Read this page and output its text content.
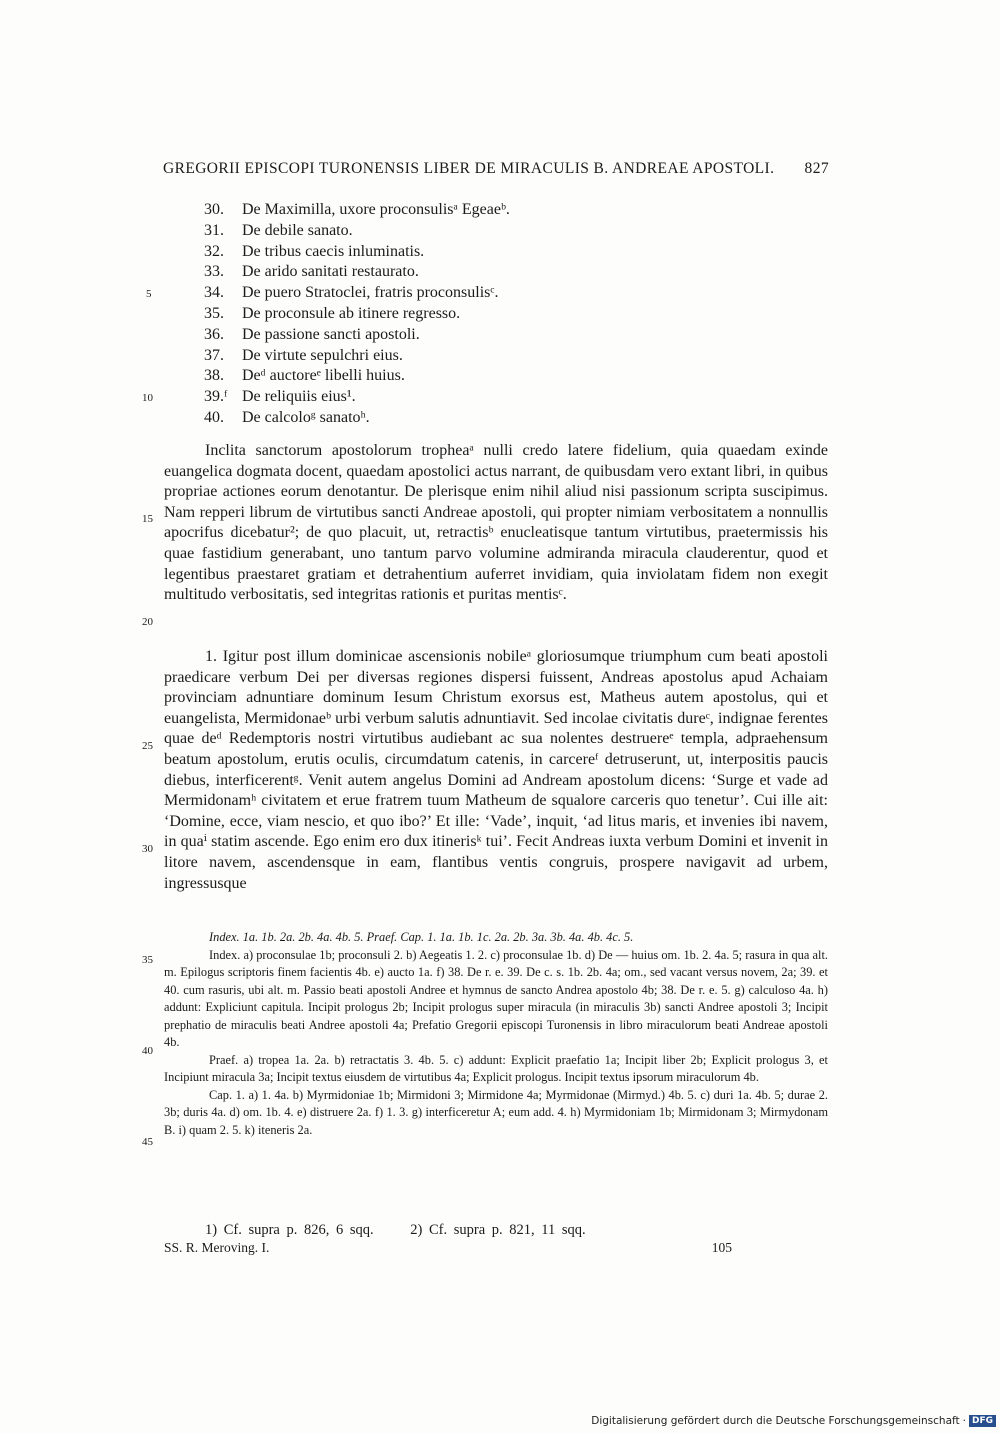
GREGORII EPISCOPI TURONENSIS LIBER DE MIRACULIS B. ANDREAE APOSTOLI. 827
30. De Maximilla, uxore proconsulisᵃ Egeaeᵇ.
31. De debile sanato.
32. De tribus caecis inluminatis.
33. De arido sanitati restaurato.
34. De puero Stratoclei, fratris proconsulisᶜ.
35. De proconsule ab itinere regresso.
36. De passione sancti apostoli.
37. De virtute sepulchri eius.
38. Deᵈ auctoreᵉ libelli huius.
39.ᶠ De reliquiis eius¹.
40. De calcoloᵍ sanatoʰ.
5
10
15
20
25
30
35
40
45

Inclita sanctorum apostolorum tropheaᵃ nulli credo latere fidelium, quia quaedam exinde euangelica dogmata docent, quaedam apostolici actus narrant, de quibusdam vero extant libri, in quibus propriae actiones eorum denotantur. De plerisque enim nihil aliud nisi passionum scripta suscipimus. Nam repperi librum de virtutibus sancti Andreae apostoli, qui propter nimiam verbositatem a nonnullis apocrifus dicebatur²; de quo placuit, ut, retractisᵇ enucleatisque tantum virtutibus, praetermissis his quae fastidium generabant, uno tantum parvo volumine admiranda miracula clauderentur, quod et legentibus praestaret gratiam et detrahentium auferret invidiam, quia inviolatam fidem non exegit multitudo verbositatis, sed integritas rationis et puritas mentisᶜ.

1. Igitur post illum dominicae ascensionis nobileᵃ gloriosumque triumphum cum beati apostoli praedicare verbum Dei per diversas regiones dispersi fuissent, Andreas apostolus apud Achaiam provinciam adnuntiare dominum Iesum Christum exorsus est, Matheus autem apostolus, qui et euangelista, Mermidonaeᵇ urbi verbum salutis adnuntiavit. Sed incolae civitatis dureᶜ, indignae ferentes quae deᵈ Redemptoris nostri virtutibus audiebant ac sua nolentes destruereᵉ templa, adpraehensum beatum apostolum, erutis oculis, circumdatum catenis, in carcereᶠ detruserunt, ut, interpositis paucis diebus, interficerentᵍ. Venit autem angelus Domini ad Andream apostolum dicens: ‘Surge et vade ad Mermidonamʰ civitatem et erue fratrem tuum Matheum de squalore carceris quo tenetur’. Cui ille ait: ‘Domine, ecce, viam nescio, et quo ibo?’ Et ille: ‘Vade’, inquit, ‘ad litus maris, et invenies ibi navem, in quaⁱ statim ascende. Ego enim ero dux itinerisᵏ tui’. Fecit Andreas iuxta verbum Domini et invenit in litore navem, ascendensque in eam, flantibus ventis congruis, prospere navigavit ad urbem, ingressusque

Index. 1a. 1b. 2a. 2b. 4a. 4b. 5. Praef. Cap. 1. 1a. 1b. 1c. 2a. 2b. 3a. 3b. 4a. 4b. 4c. 5.

Index. a) proconsulae 1b; proconsuli 2. b) Aegeatis 1. 2. c) proconsulae 1b. d) De — huius om. 1b. 2. 4a. 5; rasura in qua alt. m. Epilogus scriptoris finem facientis 4b. e) aucto 1a. f) 38. De r. e. 39. De c. s. 1b. 2b. 4a; om., sed vacant versus novem, 2a; 39. et 40. cum rasuris, ubi alt. m. Passio beati apostoli Andree et hymnus de sancto Andrea apostolo 4b; 38. De r. e. 5. g) calculoso 4a. h) addunt: Expliciunt capitula. Incipit prologus 2b; Incipit prologus super miracula (in miraculis 3b) sancti Andree apostoli 3; Incipit prephatio de miraculis beati Andree apostoli 4a; Prefatio Gregorii episcopi Turonensis in libro miraculorum beati Andreae apostoli 4b.

Praef. a) tropea 1a. 2a. b) retractatis 3. 4b. 5. c) addunt: Explicit praefatio 1a; Incipit liber 2b; Explicit prologus 3, et Incipiunt miracula 3a; Incipit textus eiusdem de virtutibus 4a; Explicit prologus. Incipit textus ipsorum miraculorum 4b.

Cap. 1. a) 1. 4a. b) Myrmidoniae 1b; Mirmidoni 3; Mirmidone 4a; Myrmidonae (Mirmyd.) 4b. 5. c) duri 1a. 4b. 5; durae 2. 3b; duris 4a. d) om. 1b. 4. e) distruere 2a. f) 1. 3. g) interficeretur A; eum add. 4. h) Myrmidoniam 1b; Mirmidonam 3; Mirmydonam B. i) quam 2. 5. k) iteneris 2a.

1) Cf. supra p. 826, 6 sqq.	2) Cf. supra p. 821, 11 sqq.
SS. R. Meroving. I.	105
Digitalisierung gefördert durch die Deutsche Forschungsgemeinschaft · DFG
